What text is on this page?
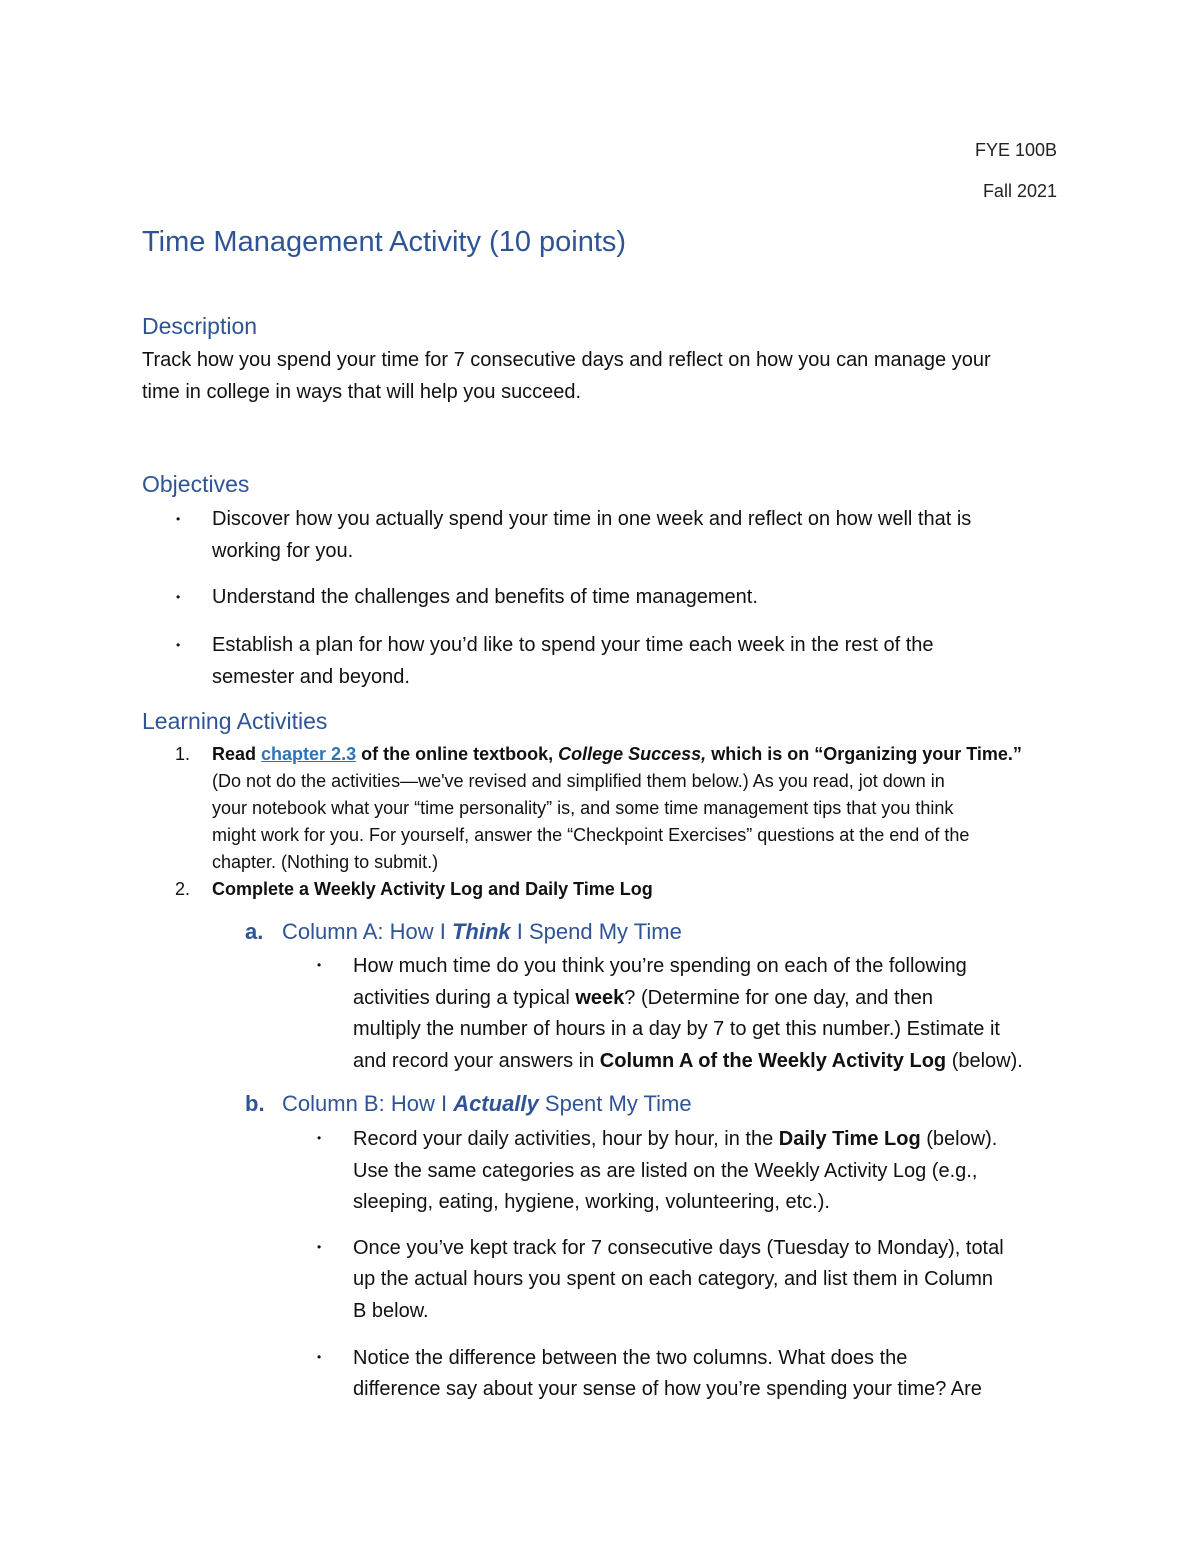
FYE 100B
Fall 2021
Time Management Activity (10 points)
Description
Track how you spend your time for 7 consecutive days and reflect on how you can manage your
time in college in ways that will help you succeed.
Objectives
• Discover how you actually spend your time in one week and reflect on how well that is
working for you.
• Understand the challenges and benefits of time management.
• Establish a plan for how you’d like to spend your time each week in the rest of the
semester and beyond.
Learning Activities
1. Read chapter 2.3 of the online textbook, College Success, which is on “Organizing your Time.”
(Do not do the activities—we've revised and simplified them below.) As you read, jot down in
your notebook what your “time personality” is, and some time management tips that you think
might work for you. For yourself, answer the “Checkpoint Exercises” questions at the end of the
chapter. (Nothing to submit.)
2. Complete a Weekly Activity Log and Daily Time Log
a. Column A: How I Think I Spend My Time
• How much time do you think you’re spending on each of the following
activities during a typical week? (Determine for one day, and then
multiply the number of hours in a day by 7 to get this number.) Estimate it
and record your answers in Column A of the Weekly Activity Log (below).
b. Column B: How I Actually Spent My Time
• Record your daily activities, hour by hour, in the Daily Time Log (below).
Use the same categories as are listed on the Weekly Activity Log (e.g.,
sleeping, eating, hygiene, working, volunteering, etc.).
• Once you’ve kept track for 7 consecutive days (Tuesday to Monday), total
up the actual hours you spent on each category, and list them in Column
B below.
• Notice the difference between the two columns. What does the
difference say about your sense of how you’re spending your time? Are
